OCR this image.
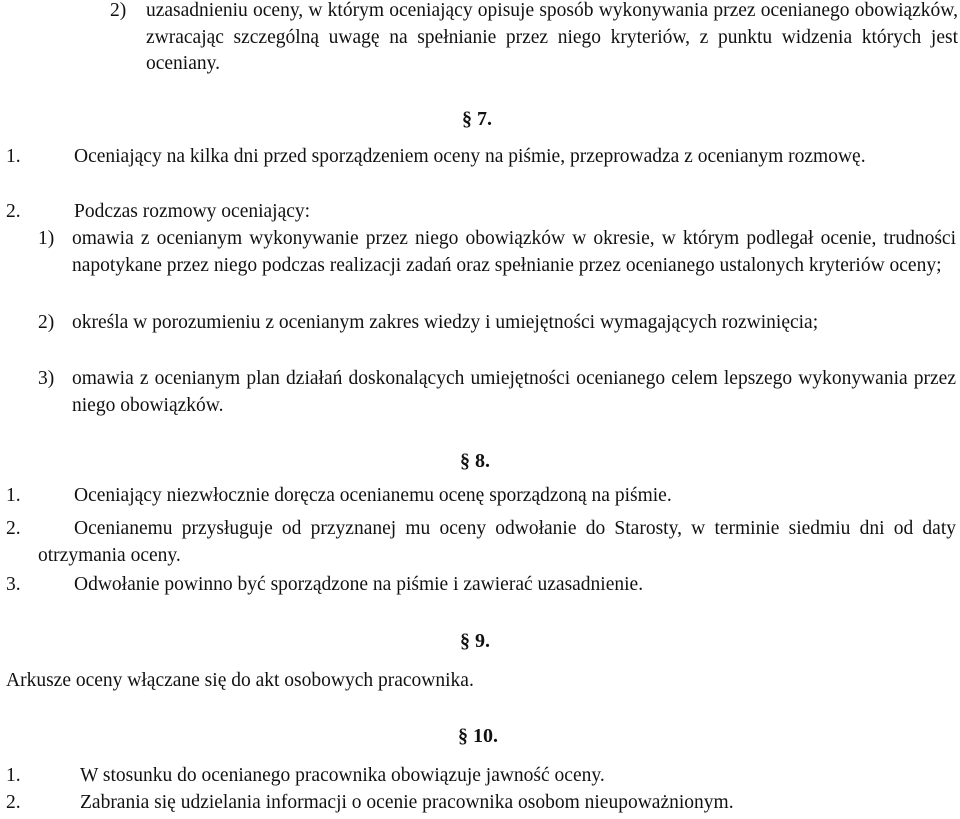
2)	uzasadnieniu oceny, w którym oceniający opisuje sposób wykonywania przez ocenianego obowiązków, zwracając szczególną uwagę na spełnianie przez niego kryteriów, z punktu widzenia których jest oceniany.
§ 7.
1.	Oceniający na kilka dni przed sporządzeniem oceny na piśmie, przeprowadza z ocenianym rozmowę.
2.	Podczas rozmowy oceniający:
1) omawia z ocenianym wykonywanie przez niego obowiązków w okresie, w którym podlegał ocenie, trudności napotykane przez niego podczas realizacji zadań oraz spełnianie przez ocenianego ustalonych kryteriów oceny;
2) określa w porozumieniu z ocenianym zakres wiedzy i umiejętności wymagających rozwinięcia;
3) omawia z ocenianym plan działań doskonalących umiejętności ocenianego celem lepszego wykonywania przez niego obowiązków.
§ 8.
1.	Oceniający niezwłocznie doręcza ocenianemu ocenę sporządzoną na piśmie.
2.	Ocenianemu przysługuje od przyznanej mu oceny odwołanie do Starosty, w terminie siedmiu dni od daty otrzymania oceny.
3.	Odwołanie powinno być sporządzone na piśmie i zawierać uzasadnienie.
§ 9.
Arkusze oceny włączane się do akt osobowych pracownika.
§ 10.
1.	W stosunku do ocenianego pracownika obowiązuje jawność oceny.
2.	Zabrania się udzielania informacji o ocenie pracownika osobom nieupoważnionym.
